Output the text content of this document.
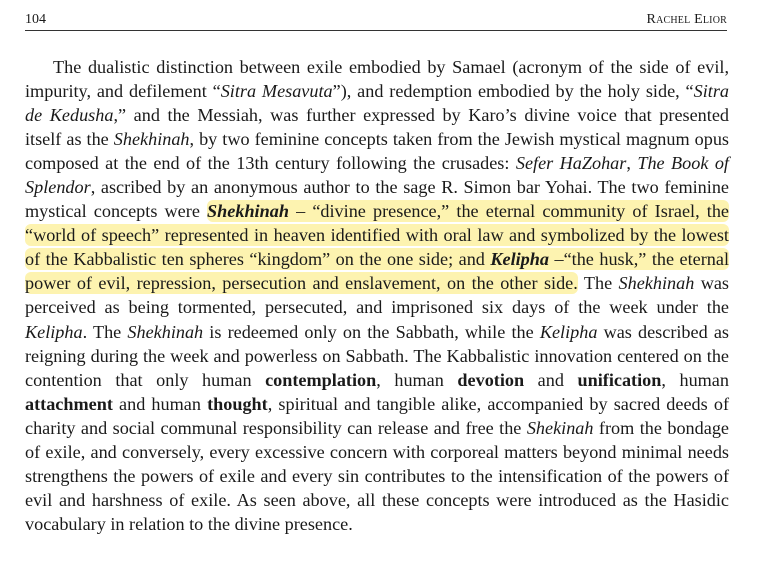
104	Rachel Elior

The dualistic distinction between exile embodied by Samael (acronym of the side of evil, impurity, and defilement “Sitra Mesavuta”), and redemption embodied by the holy side, “Sitra de Kedusha,” and the Messiah, was further expressed by Karo’s divine voice that presented itself as the Shekhinah, by two feminine concepts taken from the Jewish mystical magnum opus composed at the end of the 13th century following the crusades: Sefer HaZohar, The Book of Splendor, ascribed by an anonymous author to the sage R. Simon bar Yohai. The two feminine mystical concepts were Shekhinah – “divine presence,” the eternal community of Israel, the “world of speech” represented in heaven identified with oral law and symbolized by the lowest of the Kabbalistic ten spheres “kingdom” on the one side; and Kelipha –“the husk,” the eternal power of evil, repression, persecution and enslavement, on the other side. The Shekhinah was perceived as being tormented, persecuted, and imprisoned six days of the week under the Kelipha. The Shekhinah is redeemed only on the Sabbath, while the Kelipha was described as reigning during the week and powerless on Sabbath. The Kabbalistic innovation centered on the contention that only human contemplation, human devotion and unification, human attachment and human thought, spiritual and tangible alike, accompanied by sacred deeds of charity and social communal responsibility can release and free the Shekinah from the bondage of exile, and conversely, every excessive concern with corporeal matters beyond minimal needs strengthens the powers of exile and every sin contributes to the intensification of the powers of evil and harshness of exile. As seen above, all these concepts were introduced as the Hasidic vocabulary in relation to the divine presence.
